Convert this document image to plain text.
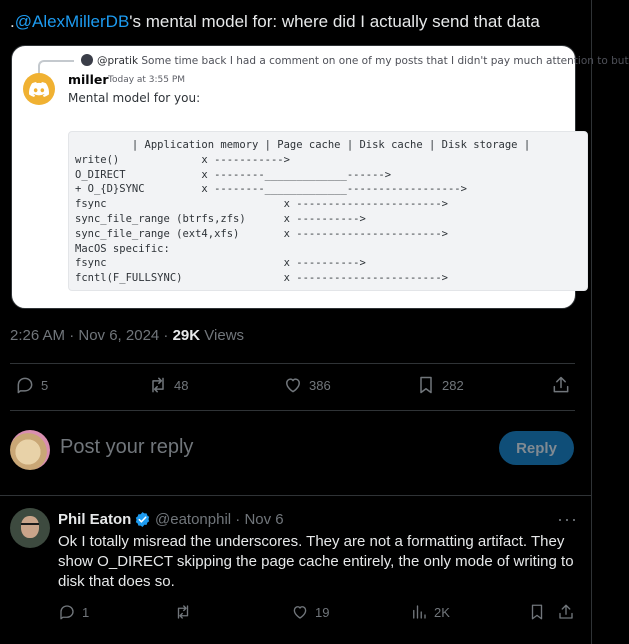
.@AlexMillerDB's mental model for: where did I actually send that data
@pratik Some time back I had a comment on one of my posts that I didn't pay much attention to but
miller Today at 3:55 PM
Mental model for you:
| Application memory | Page cache | Disk cache | Disk storage |
write()             x ----------->
O_DIRECT            x --------_____________------>
+ O_{D}SYNC         x --------_____________------------------>
fsync                            x ----------------------->
sync_file_range (btrfs,zfs)      x ---------->
sync_file_range (ext4,xfs)       x ----------------------->
MacOS specific:
fsync                            x ---------->
fcntl(F_FULLSYNC)                x ----------------------->
2:26 AM · Nov 6, 2024 · 29K Views
5	48	386	282
Post your reply	Reply
Phil Eaton @eatonphil · Nov 6	···
Ok I totally misread the underscores. They are not a formatting artifact. They show O_DIRECT skipping the page cache entirely, the only mode of writing to disk that does so.
1	19	2K
